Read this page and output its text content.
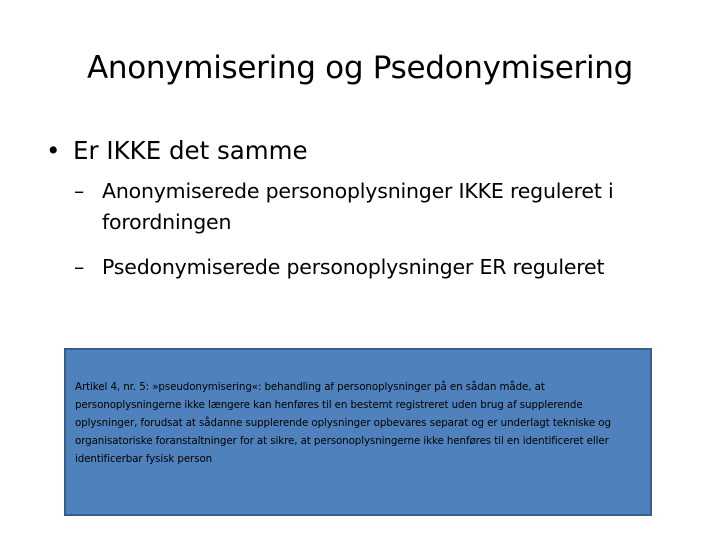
Anonymisering og Psedonymisering
• Er IKKE det samme
– Anonymiserede personoplysninger IKKE reguleret i forordningen
– Psedonymiserede personoplysninger ER reguleret
Artikel 4, nr. 5: »pseudonymisering«: behandling af personoplysninger på en sådan måde, at personoplysningerne ikke længere kan henføres til en bestemt registreret uden brug af supplerende oplysninger, forudsat at sådanne supplerende oplysninger opbevares separat og er underlagt tekniske og organisatoriske foranstaltninger for at sikre, at personoplysningerne ikke henføres til en identificeret eller identificerbar fysisk person
